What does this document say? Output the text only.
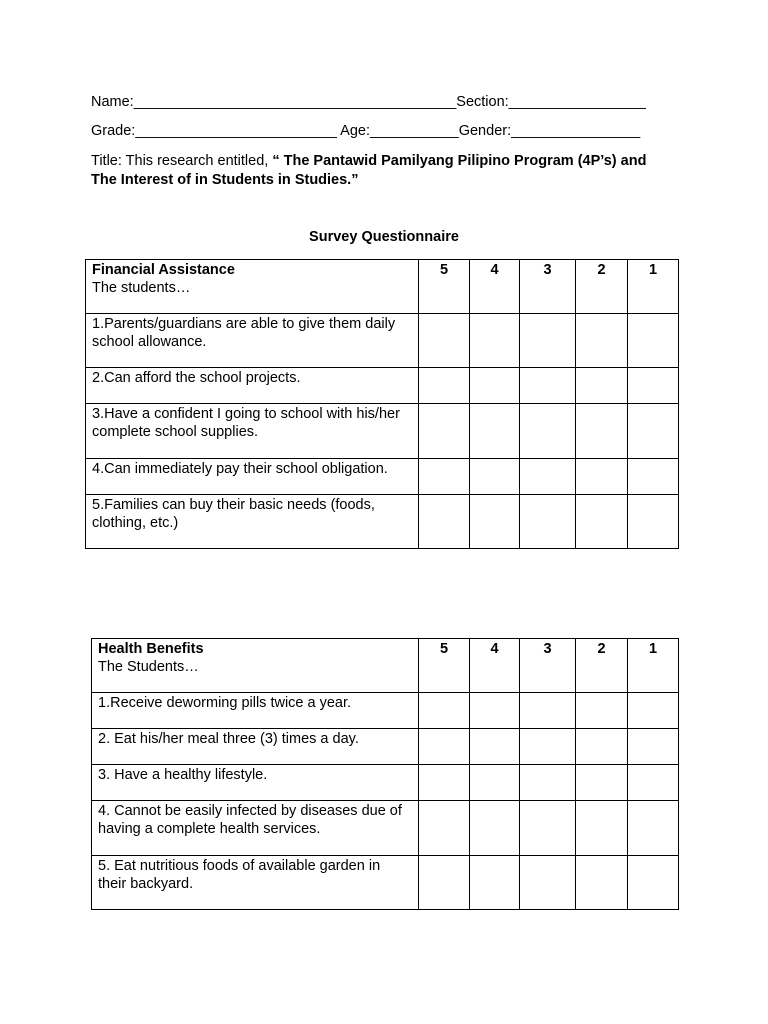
Name:________________________________________Section:_________________
Grade:_________________________ Age:___________Gender:________________
Title: This research entitled, “ The Pantawid Pamilyang Pilipino Program (4P’s) and
The Interest of in Students in Studies.”
Survey Questionnaire
Financial Assistance
The students…	5	4	3	2	1
1.Parents/guardians are able to give them daily school allowance.					
2.Can afford the school projects.					
3.Have a confident I going to school with his/her complete school supplies.					
4.Can immediately pay their school obligation.					
5.Families can buy their basic needs (foods, clothing, etc.)					
Health Benefits
The Students…	5	4	3	2	1
1.Receive deworming pills twice a year.					
2. Eat his/her meal three (3) times a day.					
3. Have a healthy lifestyle.					
4. Cannot be easily infected by diseases due of having a complete health services.					
5. Eat nutritious foods of available garden in their backyard.					
